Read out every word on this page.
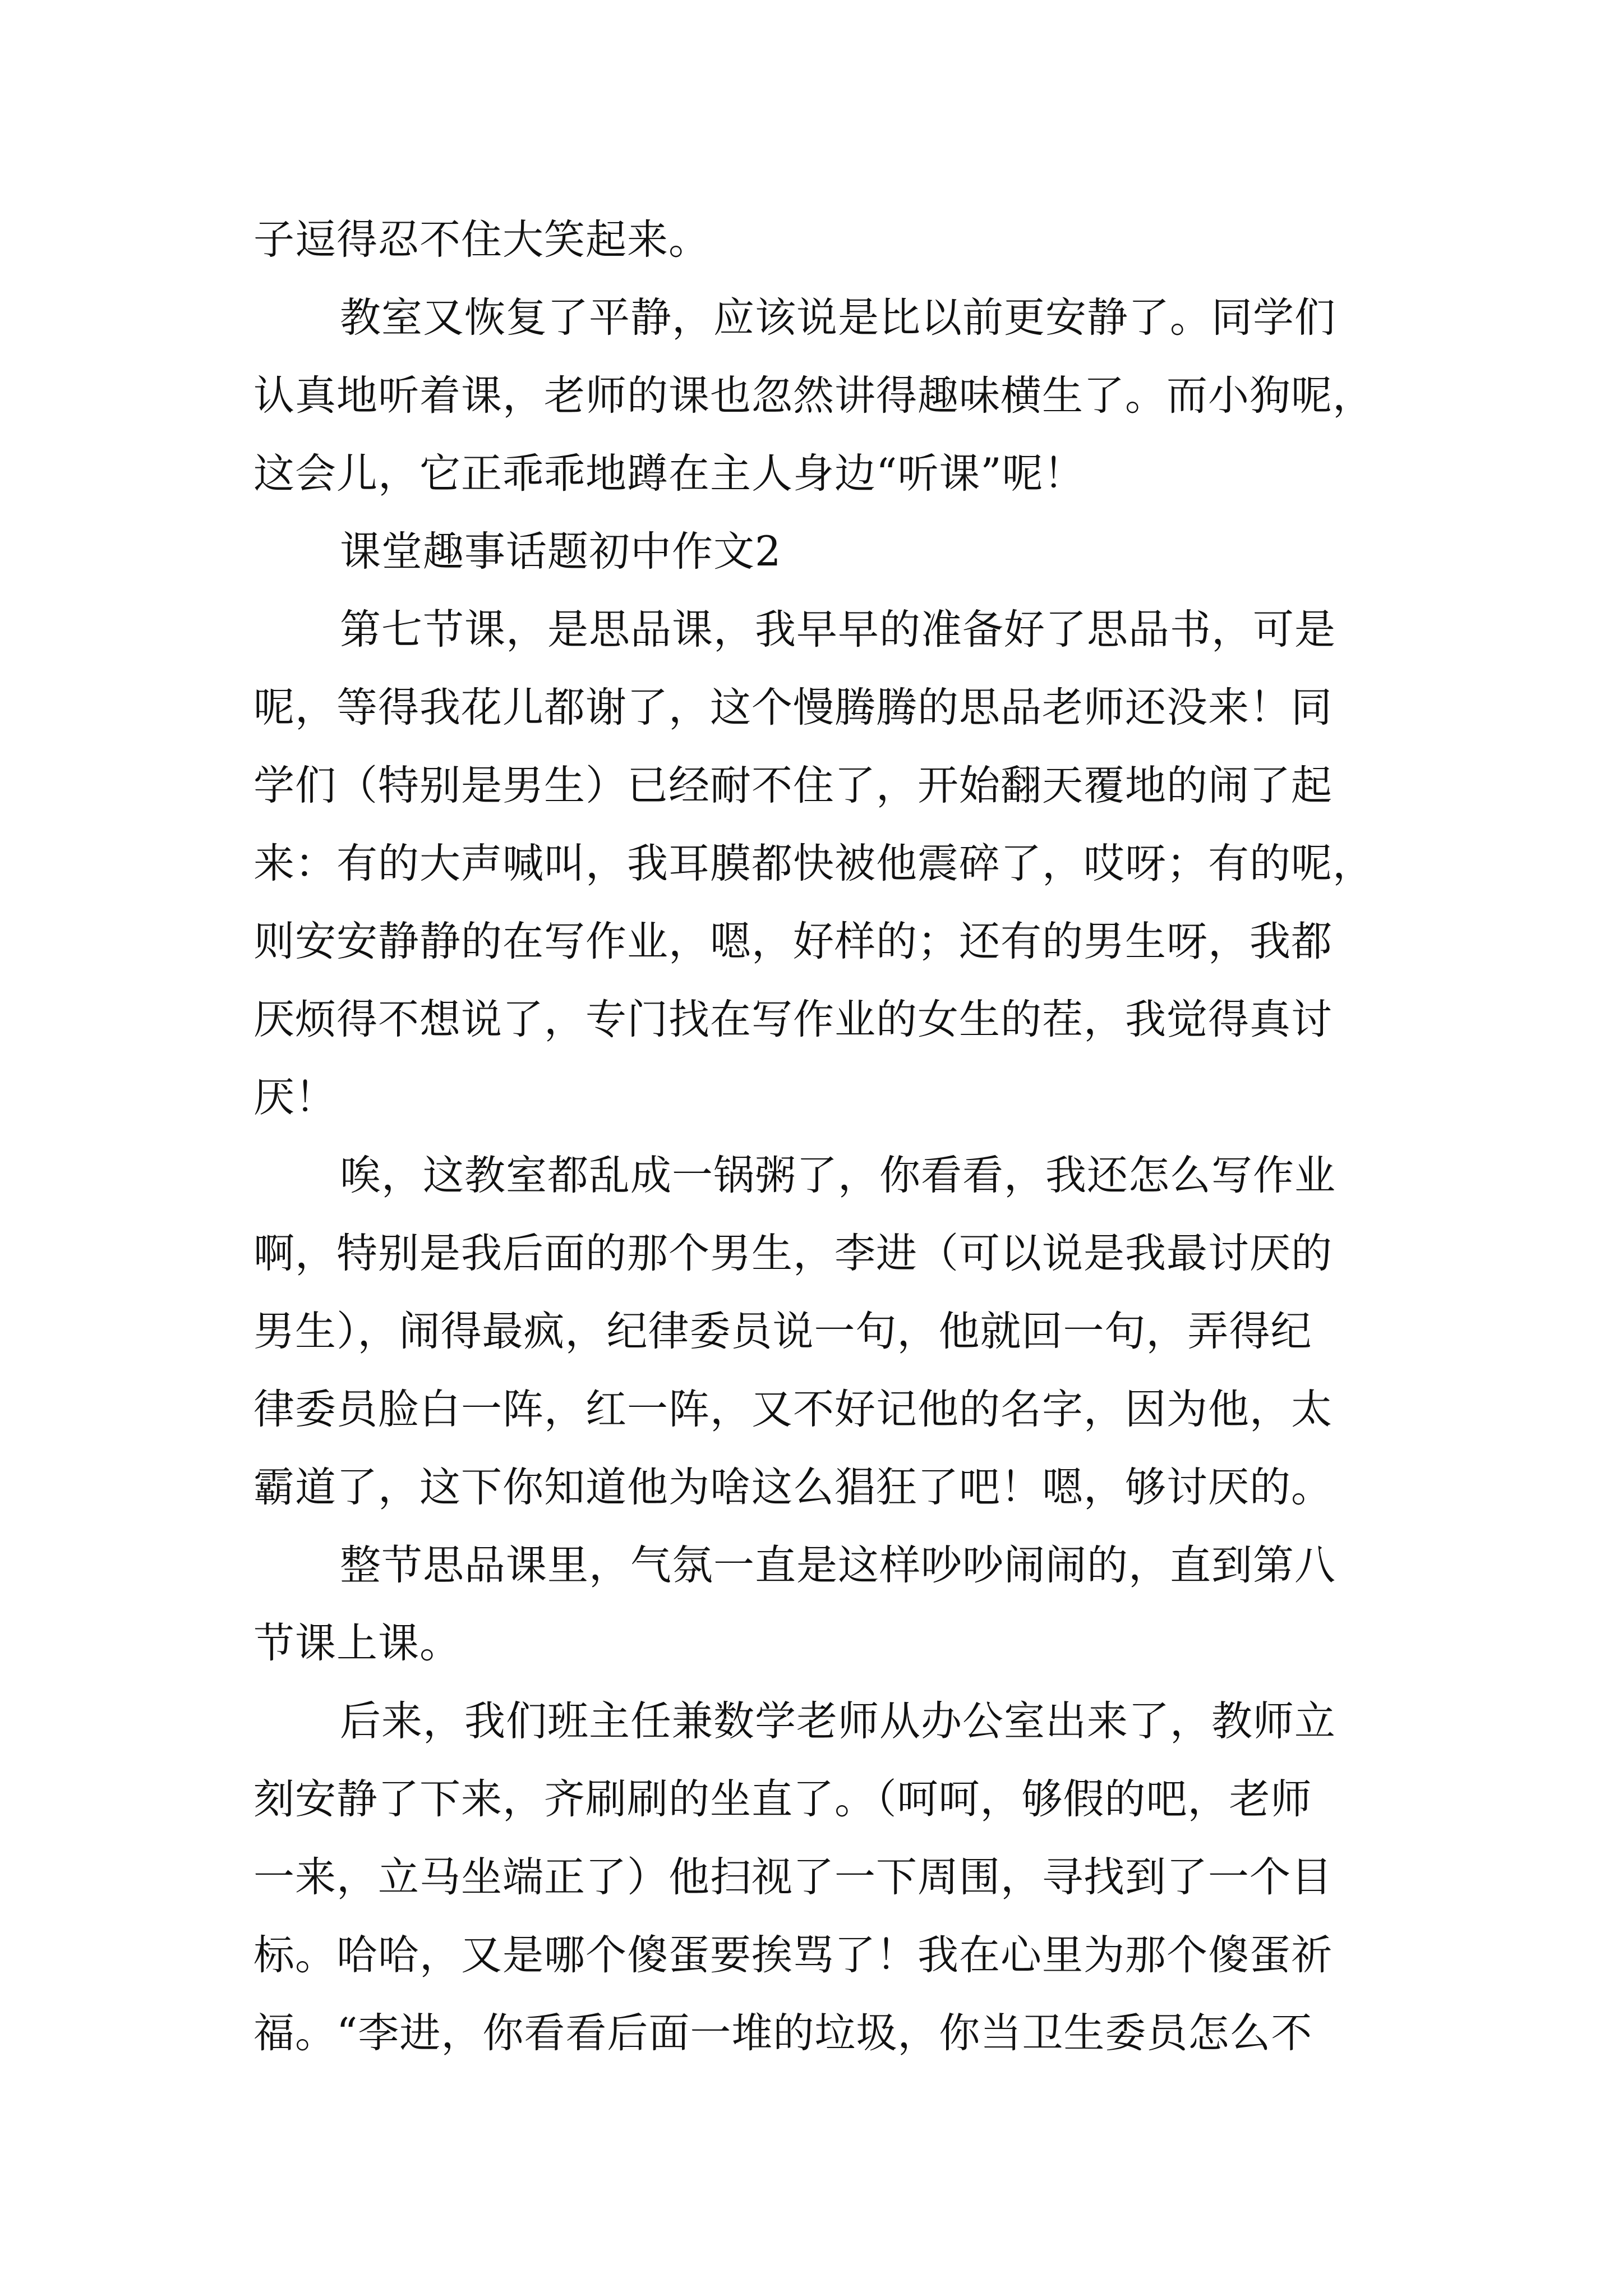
子逗得忍不住大笑起来。
教室又恢复了平静，应该说是比以前更安静了。同学们
认真地听着课，老师的课也忽然讲得趣味横生了。而小狗呢，
这会儿，它正乖乖地蹲在主人身边“听课”呢！
课堂趣事话题初中作文2
第七节课，是思品课，我早早的准备好了思品书，可是
呢，等得我花儿都谢了，这个慢腾腾的思品老师还没来！同
学们（特别是男生）已经耐不住了，开始翻天覆地的闹了起
来：有的大声喊叫，我耳膜都快被他震碎了，哎呀；有的呢，
则安安静静的在写作业，嗯，好样的；还有的男生呀，我都
厌烦得不想说了，专门找在写作业的女生的茬，我觉得真讨
厌！
唉，这教室都乱成一锅粥了，你看看，我还怎么写作业
啊，特别是我后面的那个男生，李进（可以说是我最讨厌的
男生），闹得最疯，纪律委员说一句，他就回一句，弄得纪
律委员脸白一阵，红一阵，又不好记他的名字，因为他，太
霸道了，这下你知道他为啥这么猖狂了吧！嗯，够讨厌的。
整节思品课里，气氛一直是这样吵吵闹闹的，直到第八
节课上课。
后来，我们班主任兼数学老师从办公室出来了，教师立
刻安静了下来，齐刷刷的坐直了。（呵呵，够假的吧，老师
一来，立马坐端正了）他扫视了一下周围，寻找到了一个目
标。哈哈，又是哪个傻蛋要挨骂了！我在心里为那个傻蛋祈
福。“李进，你看看后面一堆的垃圾，你当卫生委员怎么不
